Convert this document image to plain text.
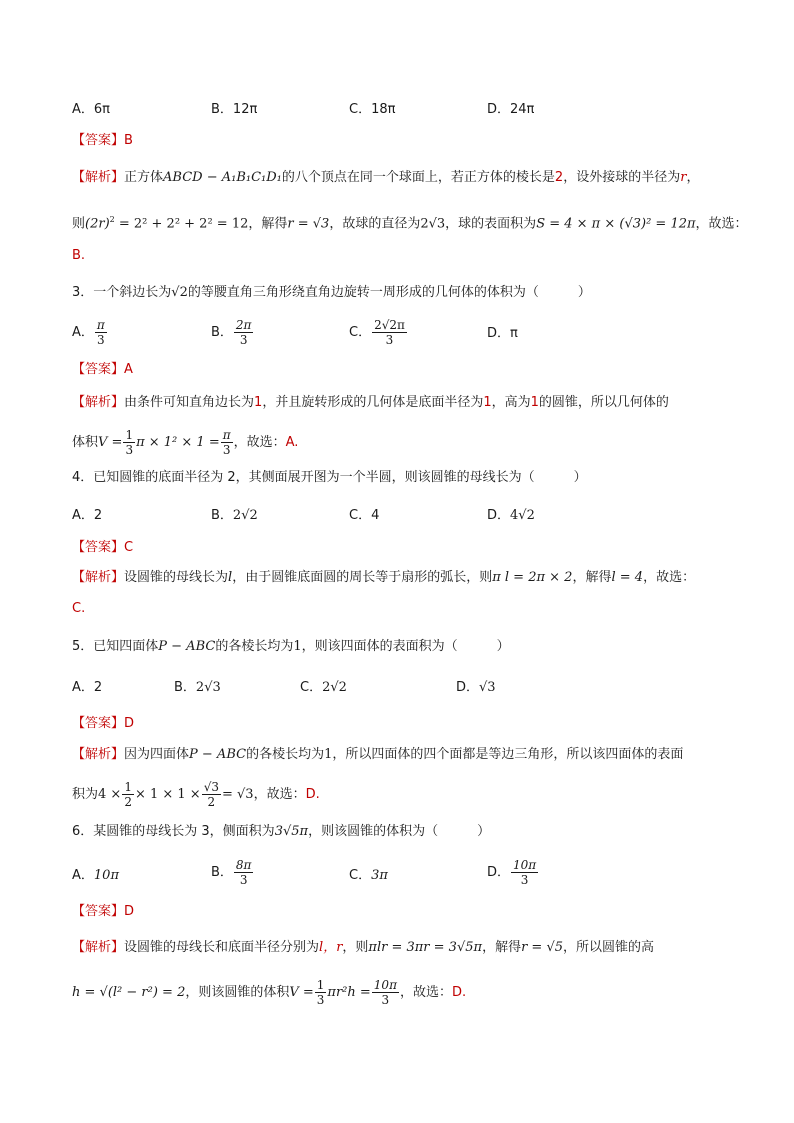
A．6π	B．12π	C．18π	D．24π
【答案】B
【解析】正方体ABCD − A₁B₁C₁D₁的八个顶点在同一个球面上，若正方体的棱长是2，设外接球的半径为r，
则$(2r)^2 = 2^2 + 2^2 + 2^2 = 12$，解得r = √3，故球的直径为2√3，球的表面积为S = 4 × π × (√3)² = 12π，故选：
B.
3．一个斜边长为√2的等腰直角三角形绕直角边旋转一周形成的几何体的体积为（　　　）
A． $\frac{\pi}{3}$	B． $\frac{2\pi}{3}$	C． $\frac{2√2\pi}{3}$	D．π
【答案】A
【解析】由条件可知直角边长为1，并且旋转形成的几何体是底面半径为1，高为1的圆锥，所以几何体的
体积$V = \frac{1}{3}$ $\pi \times 1^2 \times 1 = \frac{\pi}{3}$ ，故选：A.
4．已知圆锥的底面半径为 2，其侧面展开图为一个半圆，则该圆锥的母线长为（　　　）
A．2	B．2√2	C．4	D．4√2
【答案】C
【解析】设圆锥的母线长为l，由于圆锥底面圆的周长等于扇形的弧长，则π l = 2π × 2，解得l = 4，故选：
C.
5．已知四面体P − ABC的各棱长均为1，则该四面体的表面积为（　　　）
A．2	B．2√3	C．2√2	D．√3
【答案】D
【解析】因为四面体P − ABC的各棱长均为1，所以四面体的四个面都是等边三角形，所以该四面体的表面
积为$4 \times \frac{1}{2} \times 1 \times 1 \times \frac{√3}{2} = √3$，故选：D.
6．某圆锥的母线长为 3，侧面积为3√5π，则该圆锥的体积为（　　　）
A．10π	B． $\frac{8\pi}{3}$	C．3π	D． $\frac{10\pi}{3}$
【答案】D
【解析】设圆锥的母线长和底面半径分别为l，r，则πlr = 3πr = 3√5π，解得r = √5，所以圆锥的高
h = √(l² − r²) = 2，则该圆锥的体积$V = \frac{1}{3} \pi r^2h = \frac{10\pi}{3}$ ，故选：D.
